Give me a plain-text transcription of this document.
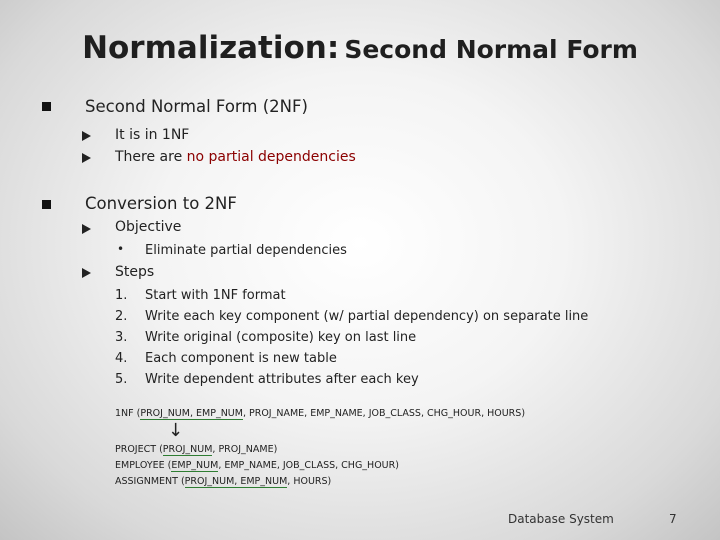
Normalization: Second Normal Form
Second Normal Form (2NF)
It is in 1NF
There are no partial dependencies
Conversion to 2NF
Objective
• Eliminate partial dependencies
Steps
1.	Start with 1NF format
2.	Write each key component (w/ partial dependency) on separate line
3.	Write original (composite) key on last line
4.	Each component is new table
5.	Write dependent attributes after each key
1NF (PROJ_NUM, EMP_NUM, PROJ_NAME, EMP_NAME, JOB_CLASS, CHG_HOUR, HOURS)
↓
PROJECT (PROJ_NUM, PROJ_NAME)
EMPLOYEE (EMP_NUM, EMP_NAME, JOB_CLASS, CHG_HOUR)
ASSIGNMENT (PROJ_NUM, EMP_NUM, HOURS)
Database System	7
